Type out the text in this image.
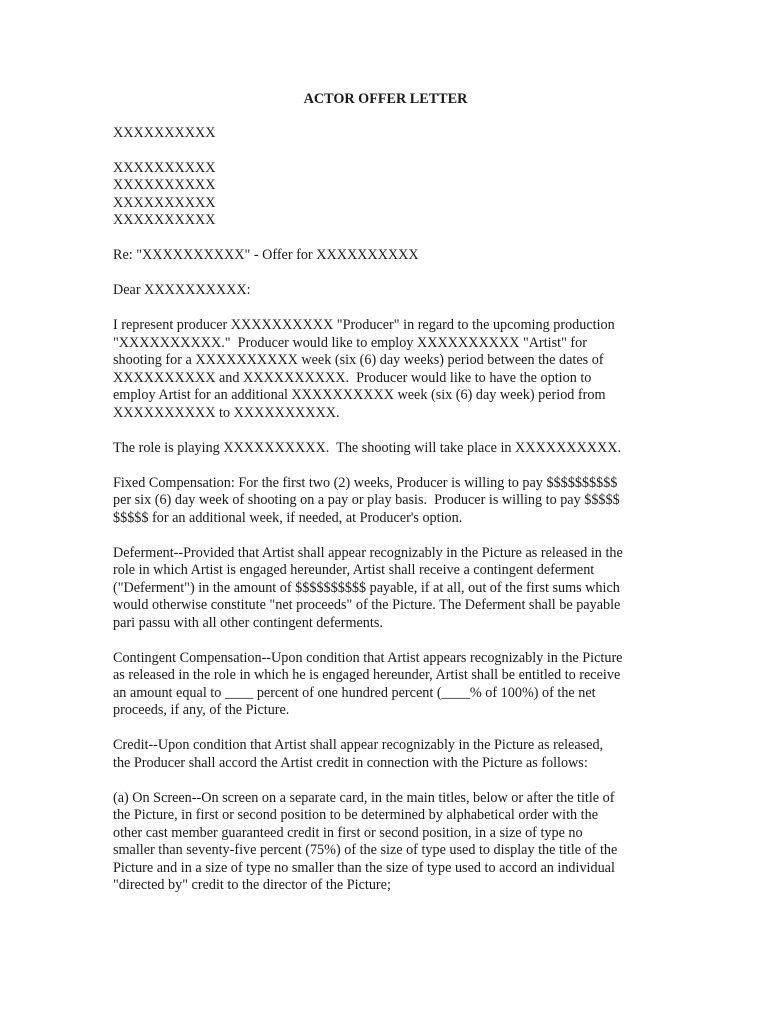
ACTOR OFFER LETTER
XXXXXXXXXX
XXXXXXXXXX
XXXXXXXXXX
XXXXXXXXXX
XXXXXXXXXX
Re: "XXXXXXXXXX" - Offer for XXXXXXXXXX
Dear XXXXXXXXXX:
I represent producer XXXXXXXXXX "Producer" in regard to the upcoming production
"XXXXXXXXXX."  Producer would like to employ XXXXXXXXXX "Artist" for
shooting for a XXXXXXXXXX week (six (6) day weeks) period between the dates of
XXXXXXXXXX and XXXXXXXXXX.  Producer would like to have the option to
employ Artist for an additional XXXXXXXXXX week (six (6) day week) period from
XXXXXXXXXX to XXXXXXXXXX.
The role is playing XXXXXXXXXX.  The shooting will take place in XXXXXXXXXX.
Fixed Compensation: For the first two (2) weeks, Producer is willing to pay $$$$$$$$$$
per six (6) day week of shooting on a pay or play basis.  Producer is willing to pay $$$$$
$$$$$ for an additional week, if needed, at Producer's option.
Deferment--Provided that Artist shall appear recognizably in the Picture as released in the
role in which Artist is engaged hereunder, Artist shall receive a contingent deferment
("Deferment") in the amount of $$$$$$$$$$ payable, if at all, out of the first sums which
would otherwise constitute "net proceeds" of the Picture. The Deferment shall be payable
pari passu with all other contingent deferments.
Contingent Compensation--Upon condition that Artist appears recognizably in the Picture
as released in the role in which he is engaged hereunder, Artist shall be entitled to receive
an amount equal to ____ percent of one hundred percent (____% of 100%) of the net
proceeds, if any, of the Picture.
Credit--Upon condition that Artist shall appear recognizably in the Picture as released,
the Producer shall accord the Artist credit in connection with the Picture as follows:
(a) On Screen--On screen on a separate card, in the main titles, below or after the title of
the Picture, in first or second position to be determined by alphabetical order with the
other cast member guaranteed credit in first or second position, in a size of type no
smaller than seventy-five percent (75%) of the size of type used to display the title of the
Picture and in a size of type no smaller than the size of type used to accord an individual
"directed by" credit to the director of the Picture;
